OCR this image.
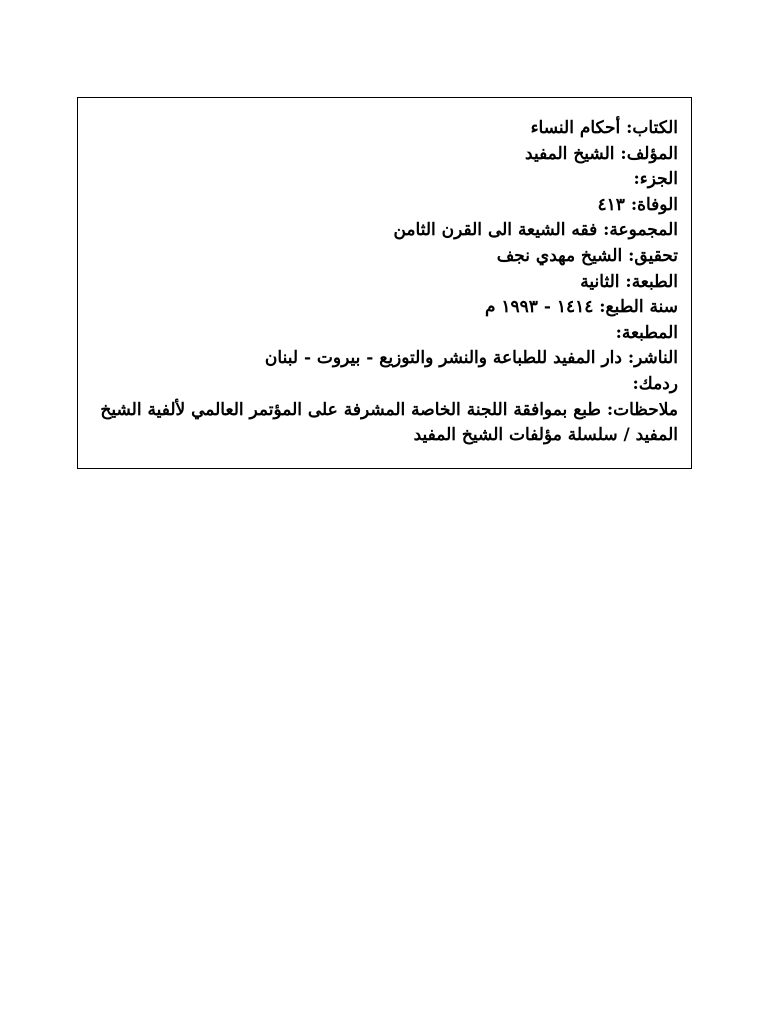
الكتاب:أحكام النساء
المؤلف:الشيخ المفيد
الجزء:
الوفاة:٤١٣
المجموعة:فقه الشيعة الى القرن الثامن
تحقيق:الشيخ مهدي نجف
الطبعة:الثانية
سنة الطبع:١٤١٤ - ١٩٩٣ م
المطبعة:
الناشر:دار المفيد للطباعة والنشر والتوزيع - بيروت - لبنان
ردمك:
ملاحظات:طبع بموافقة اللجنة الخاصة المشرفة على المؤتمر العالمي لألفية الشيخ المفيد / سلسلة مؤلفات الشيخ المفيد
